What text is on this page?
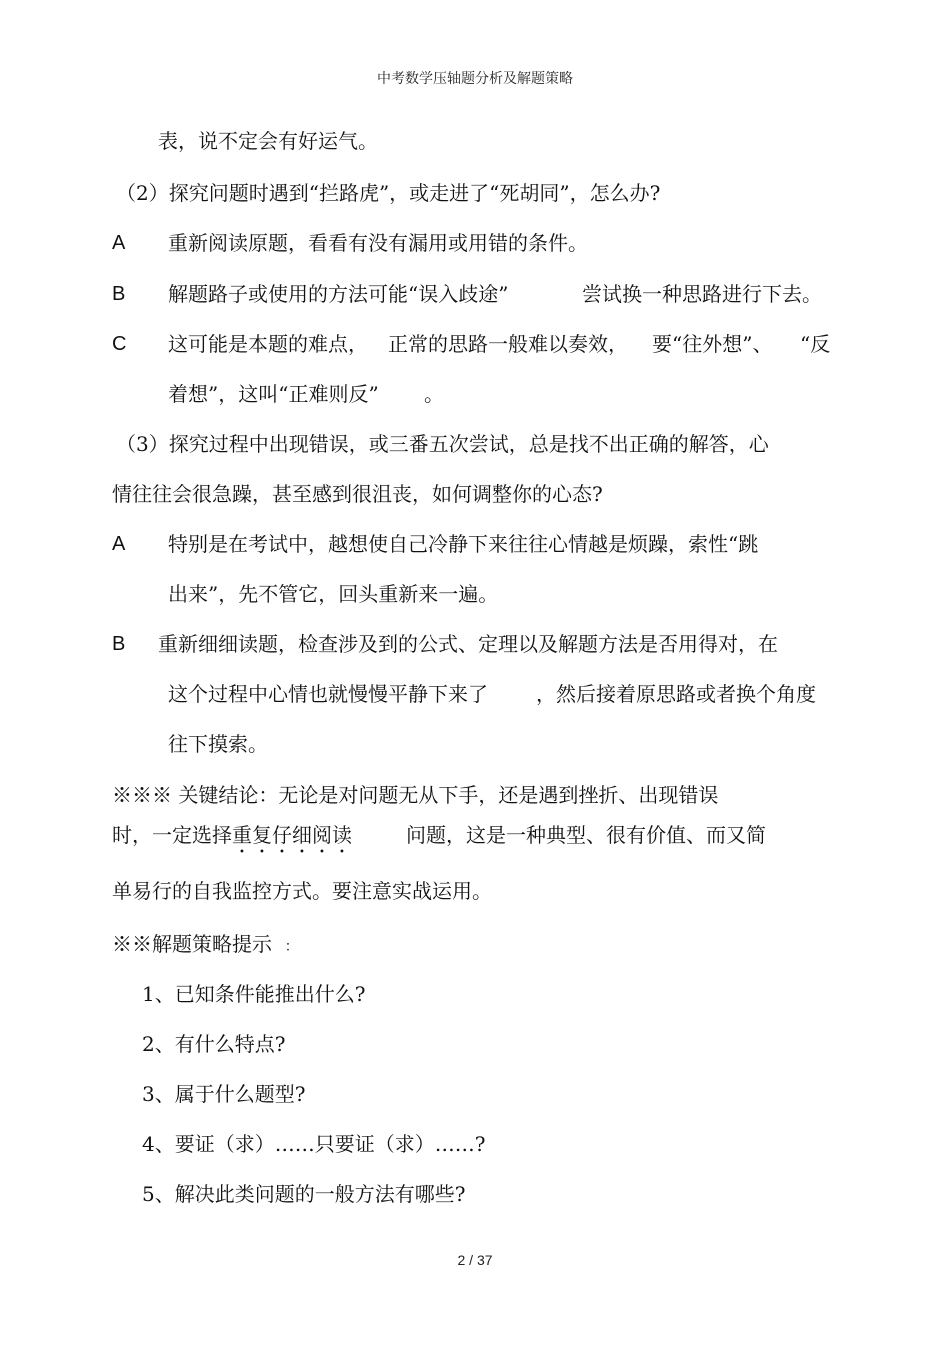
中考数学压轴题分析及解题策略
表，说不定会有好运气。
（2）探究问题时遇到“拦路虎”，或走进了“死胡同”，怎么办?
A 重新阅读原题，看看有没有漏用或用错的条件。
B 解题路子或使用的方法可能“误入歧途”	尝试换一种思路进行下去。
C 这可能是本题的难点， 正常的思路一般难以奏效， 要“往外想”、 “反
着想”，这叫“正难则反” 。
（3）探究过程中出现错误，或三番五次尝试，总是找不出正确的解答，心
情往往会很急躁，甚至感到很沮丧，如何调整你的心态?
A 特别是在考试中，越想使自己冷静下来往往心情越是烦躁，索性“跳
出来”，先不管它，回头重新来一遍。
B 重新细细读题，检查涉及到的公式、定理以及解题方法是否用得对，在
这个过程中心情也就慢慢平静下来了 ，然后接着原思路或者换个角度
往下摸索。
※※※ 关键结论：无论是对问题无从下手，还是遇到挫折、出现错误
时，一定选择重复仔细阅读	问题，这是一种典型、很有价值、而又简
单易行的自我监控方式。要注意实战运用。
※※解题策略提示 ：
1、已知条件能推出什么?
2、有什么特点?
3、属于什么题型?
4、要证（求）……只要证（求）……?
5、解决此类问题的一般方法有哪些?
2 / 37
